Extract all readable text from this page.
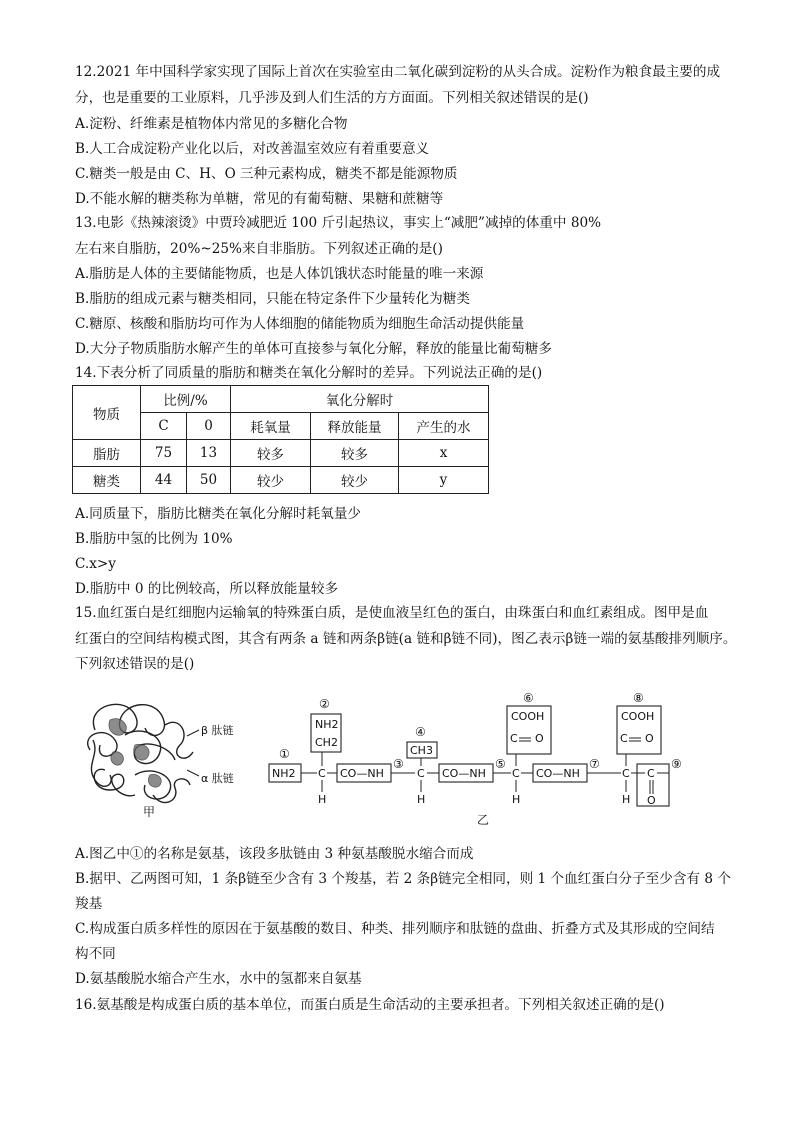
12.2021 年中国科学家实现了国际上首次在实验室由二氧化碳到淀粉的从头合成。淀粉作为粮食最主要的成
分，也是重要的工业原料，几乎涉及到人们生活的方方面面。下列相关叙述错误的是()
A.淀粉、纤维素是植物体内常见的多糖化合物
B.人工合成淀粉产业化以后，对改善温室效应有着重要意义
C.糖类一般是由 C、H、O 三种元素构成，糖类不都是能源物质
D.不能水解的糖类称为单糖，常见的有葡萄糖、果糖和蔗糖等
13.电影《热辣滚烫》中贾玲减肥近 100 斤引起热议，事实上“减肥”减掉的体重中 80%
左右来自脂肪，20%~25%来自非脂肪。下列叙述正确的是()
A.脂肪是人体的主要储能物质，也是人体饥饿状态时能量的唯一来源
B.脂肪的组成元素与糖类相同，只能在特定条件下少量转化为糖类
C.糖原、核酸和脂肪均可作为人体细胞的储能物质为细胞生命活动提供能量
D.大分子物质脂肪水解产生的单体可直接参与氧化分解，释放的能量比葡萄糖多
14.下表分析了同质量的脂肪和糖类在氧化分解时的差异。下列说法正确的是()
物质	比例/%		氧化分解时		
	C	0	耗氧量	释放能量	产生的水
脂肪	75	13	较多	较多	x
糖类	44	50	较少	较少	y
A.同质量下，脂肪比糖类在氧化分解时耗氧量少
B.脂肪中氢的比例为 10%
C.x>y
D.脂肪中 0 的比例较高，所以释放能量较多
15.血红蛋白是红细胞内运输氧的特殊蛋白质，是使血液呈红色的蛋白，由珠蛋白和血红素组成。图甲是血
红蛋白的空间结构模式图，其含有两条 a 链和两条β链(a 链和β链不同)，图乙表示β链一端的氨基酸排列顺序。
下列叙述错误的是()
β 肽链
α 肽链
甲
NH2
NH2
CH2
CO—NH
CH3
CO—NH
COOH
C O
CO—NH
COOH
C O
C	C	C	C C
O
H	H	H	H
①
②
③
④
⑤
⑥
⑦
⑧
⑨
乙
A.图乙中①的名称是氨基，该段多肽链由 3 种氨基酸脱水缩合而成
B.据甲、乙两图可知，1 条β链至少含有 3 个羧基，若 2 条β链完全相同，则 1 个血红蛋白分子至少含有 8 个
羧基
C.构成蛋白质多样性的原因在于氨基酸的数目、种类、排列顺序和肽链的盘曲、折叠方式及其形成的空间结
构不同
D.氨基酸脱水缩合产生水，水中的氢都来自氨基
16.氨基酸是构成蛋白质的基本单位，而蛋白质是生命活动的主要承担者。下列相关叙述正确的是()
